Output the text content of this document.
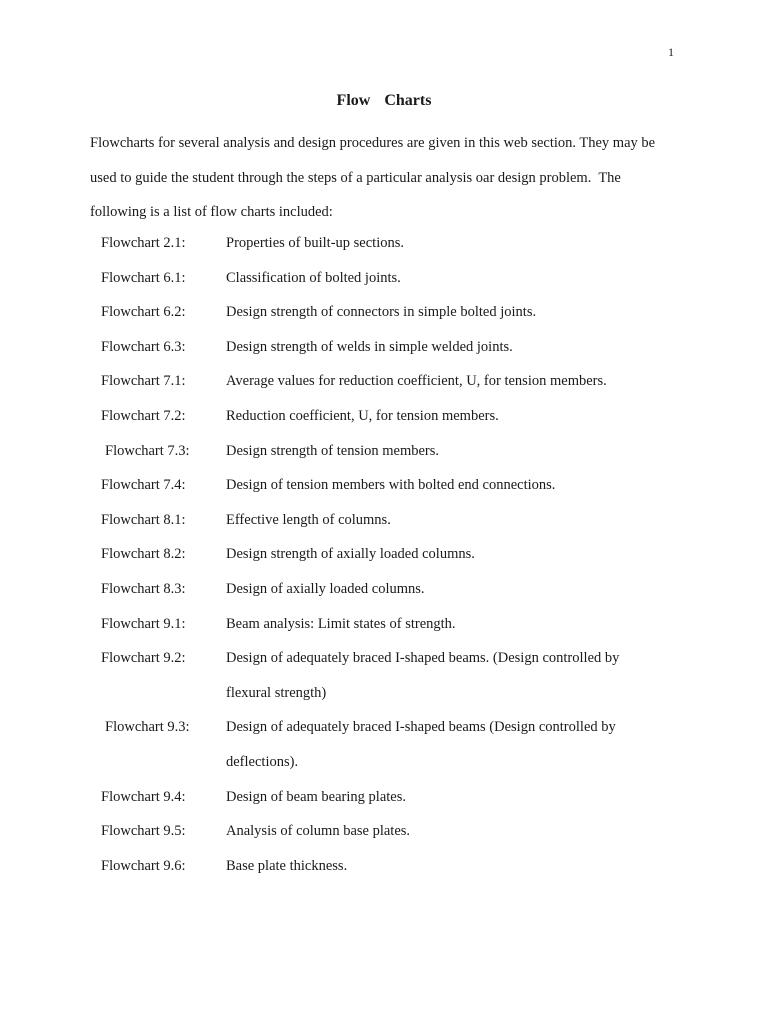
1
Flow  Charts

Flowcharts for several analysis and design procedures are given in this web section. They may be
used to guide the student through the steps of a particular analysis oar design problem.  The
following is a list of flow charts included:

Flowchart 2.1:	Properties of built-up sections.
Flowchart 6.1:	Classification of bolted joints.
Flowchart 6.2:	Design strength of connectors in simple bolted joints.
Flowchart 6.3:	Design strength of welds in simple welded joints.
Flowchart 7.1:	Average values for reduction coefficient, U, for tension members.
Flowchart 7.2:	Reduction coefficient, U, for tension members.
Flowchart 7.3:	Design strength of tension members.
Flowchart 7.4:	Design of tension members with bolted end connections.
Flowchart 8.1:	Effective length of columns.
Flowchart 8.2:	Design strength of axially loaded columns.
Flowchart 8.3:	Design of axially loaded columns.
Flowchart 9.1:	Beam analysis: Limit states of strength.
Flowchart 9.2:	Design of adequately braced I-shaped beams. (Design controlled by
flexural strength)
Flowchart 9.3:	Design of adequately braced I-shaped beams (Design controlled by
deflections).
Flowchart 9.4:	Design of beam bearing plates.
Flowchart 9.5:	Analysis of column base plates.
Flowchart 9.6:	Base plate thickness.
